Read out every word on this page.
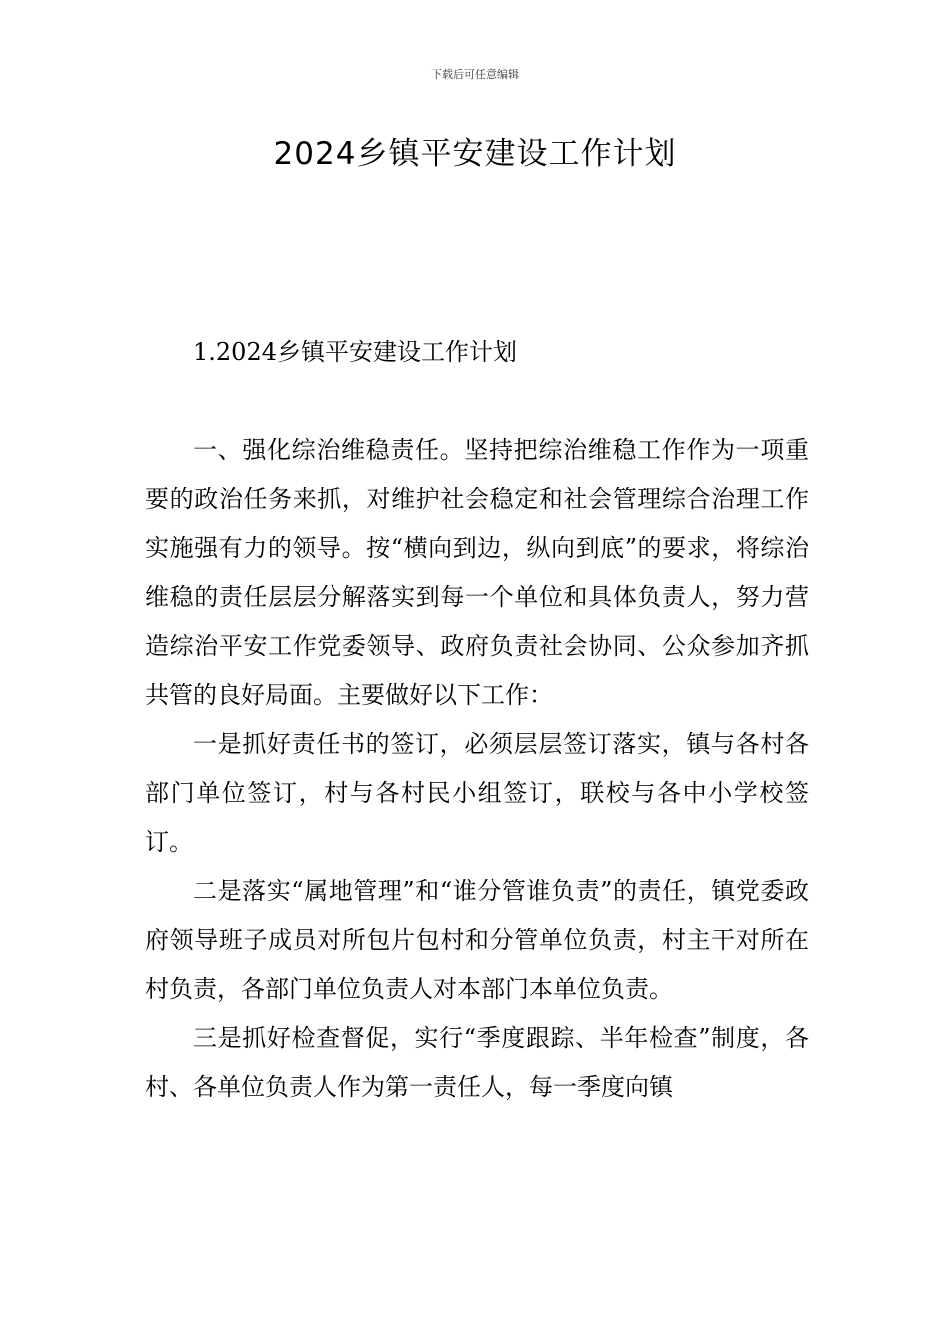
下载后可任意编辑
2024乡镇平安建设工作计划

1.2024乡镇平安建设工作计划

一、强化综治维稳责任。坚持把综治维稳工作作为一项重要的政治任务来抓，对维护社会稳定和社会管理综合治理工作实施强有力的领导。按“横向到边，纵向到底”的要求，将综治维稳的责任层层分解落实到每一个单位和具体负责人，努力营造综治平安工作党委领导、政府负责社会协同、公众参加齐抓共管的良好局面。主要做好以下工作：

一是抓好责任书的签订，必须层层签订落实，镇与各村各部门单位签订，村与各村民小组签订，联校与各中小学校签订。

二是落实“属地管理”和“谁分管谁负责”的责任，镇党委政府领导班子成员对所包片包村和分管单位负责，村主干对所在村负责，各部门单位负责人对本部门本单位负责。

三是抓好检查督促，实行“季度跟踪、半年检查”制度，各村、各单位负责人作为第一责任人，每一季度向镇
